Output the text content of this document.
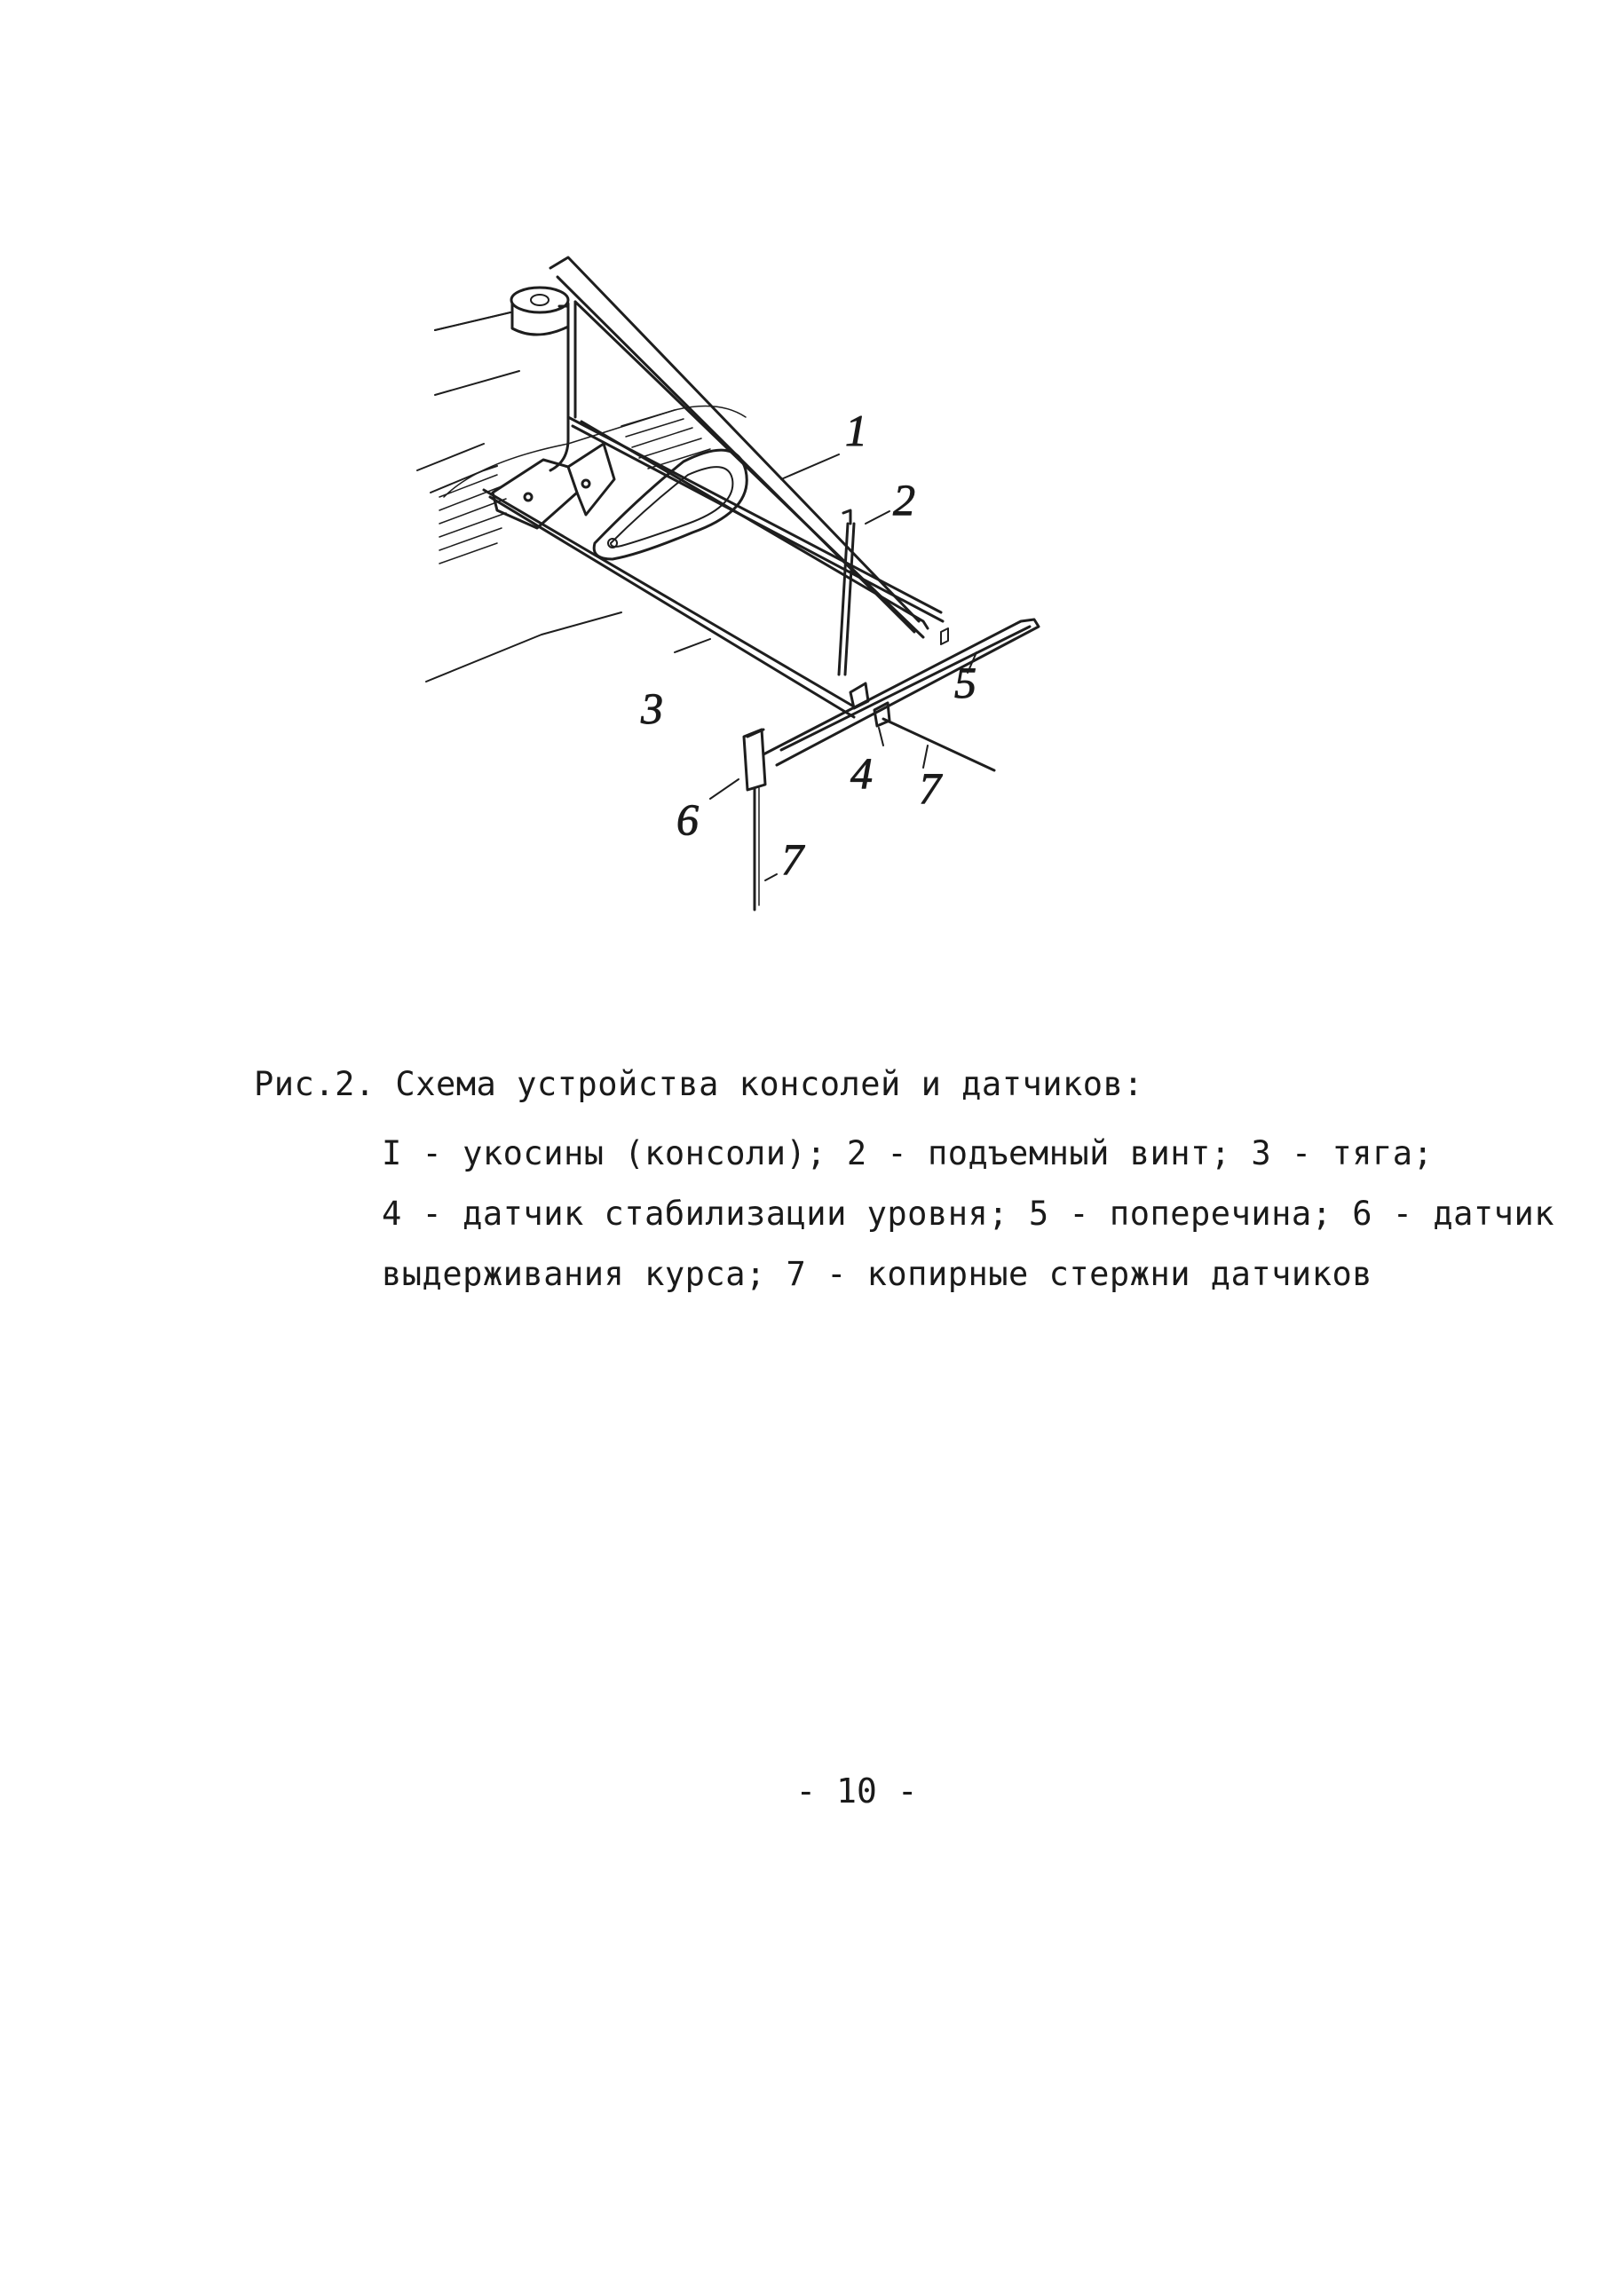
1
2
3
4
5
6
7
7
Рис.2. Схема устройства консолей и датчиков:
I - укосины (консоли); 2 - подъемный винт; 3 - тяга;
4 - датчик стабилизации уровня; 5 - поперечина; 6 - датчик
выдерживания курса; 7 - копирные стержни датчиков
- 10 -
